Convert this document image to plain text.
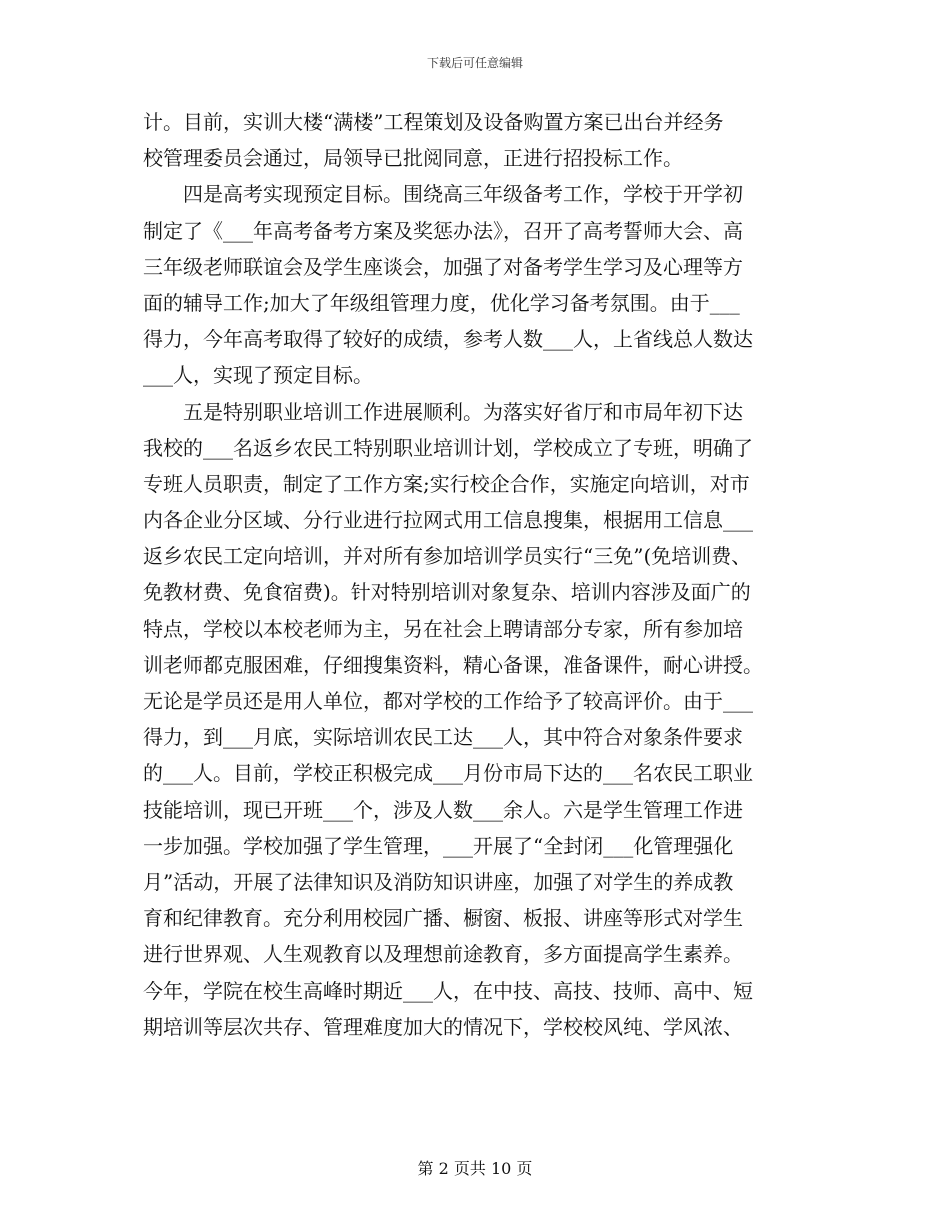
下载后可任意编辑
计。目前，实训大楼“满楼”工程策划及设备购置方案已出台并经务
校管理委员会通过，局领导已批阅同意，正进行招投标工作。
四是高考实现预定目标。围绕高三年级备考工作，学校于开学初
制定了《___年高考备考方案及奖惩办法》，召开了高考誓师大会、高
三年级老师联谊会及学生座谈会，加强了对备考学生学习及心理等方
面的辅导工作;加大了年级组管理力度，优化学习备考氛围。由于___
得力，今年高考取得了较好的成绩，参考人数___人，上省线总人数达
___人，实现了预定目标。
五是特别职业培训工作进展顺利。为落实好省厅和市局年初下达
我校的___名返乡农民工特别职业培训计划，学校成立了专班，明确了
专班人员职责，制定了工作方案;实行校企合作，实施定向培训，对市
内各企业分区域、分行业进行拉网式用工信息搜集，根据用工信息___
返乡农民工定向培训，并对所有参加培训学员实行“三免”(免培训费、
免教材费、免食宿费)。针对特别培训对象复杂、培训内容涉及面广的
特点，学校以本校老师为主，另在社会上聘请部分专家，所有参加培
训老师都克服困难，仔细搜集资料，精心备课，准备课件，耐心讲授。
无论是学员还是用人单位，都对学校的工作给予了较高评价。由于___
得力，到___月底，实际培训农民工达___人，其中符合对象条件要求
的___人。目前，学校正积极完成___月份市局下达的___名农民工职业
技能培训，现已开班___个，涉及人数___余人。六是学生管理工作进
一步加强。学校加强了学生管理，___开展了“全封闭___化管理强化
月”活动，开展了法律知识及消防知识讲座，加强了对学生的养成教
育和纪律教育。充分利用校园广播、橱窗、板报、讲座等形式对学生
进行世界观、人生观教育以及理想前途教育，多方面提高学生素养。
今年，学院在校生高峰时期近___人，在中技、高技、技师、高中、短
期培训等层次共存、管理难度加大的情况下，学校校风纯、学风浓、
第 2 页共 10 页
